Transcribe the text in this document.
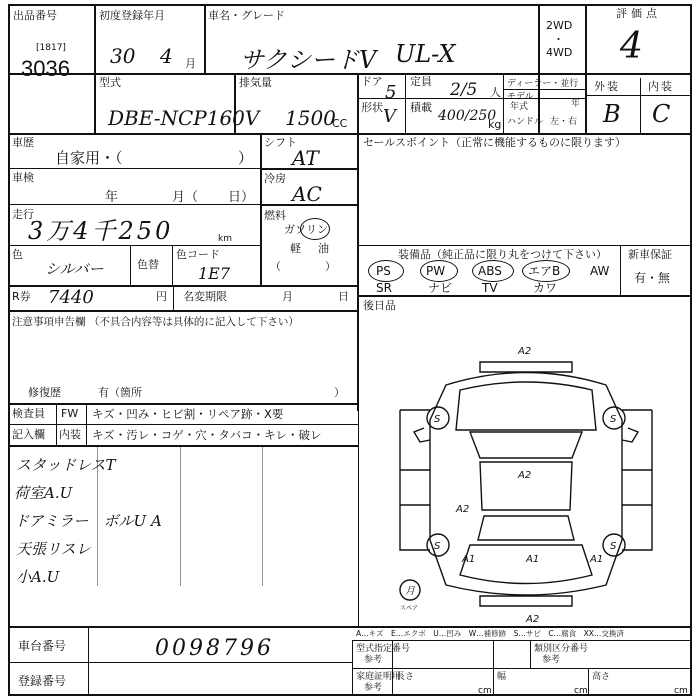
出品番号
[1817]
3036
初度登録年月
30 4 月
車名・グレード
サクシードV UL-X
2WD
・
4WD
評価点
4
型式
DBE-NCP160V
排気量
1500
CC
ドア
5
定員 2/5 人
形状 V 積載
400/250
kg
ディーラー・並行
モデル
年式	年
ハンドル 左・右
外装	内装
B C
車歴
自家用・（	）
車検
年	月（ 日）
走行
3万4千250	km
色
シルバー	色替
色コード
1E7
シフト
AT
冷房
AC
燃料
ガソリン
軽 油
（　　　　）
R券 7440	円 名変期限	月	日
注意事項申告欄 （不具合内容等は具体的に記入して下さい）
修復歴	有（箇所	）
セールスポイント（正常に機能するものに限ります）
装備品（純正品に限り丸をつけて下さい） 新車保証
有・無
PS	PW	ABS エアB AW
SR	ナビ TV	カワ
後日品
検査員
記入欄
FW キズ・凹み・ヒビ割・リペア跡・X要
内装 キズ・汚レ・コゲ・穴・タバコ・キレ・破レ
スタッドレスT
荷室A.U
ドアミラー　ボルU A
天張リスレ
小A.U
A2
S	S
A2
A2
S	S
A1	A1	A1
A2
月
スペア
A…キズ　E…エクボ　U…凹み　W…補修跡　S…サビ　C…腐食　XX…交換済
車台番号	0098796
登録番号
型式指定番号
参考
類別区分番号
参考
家庭証明用
参考
長さ
cm
幅
cm
高さ
cm
